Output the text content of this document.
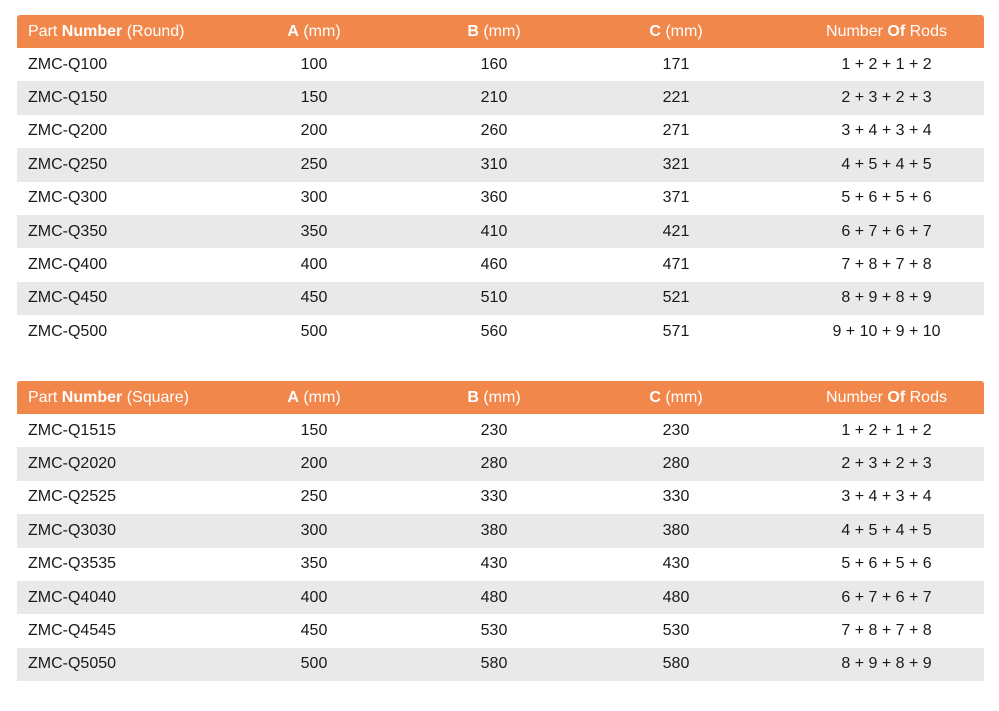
Part Number (Round)	A (mm)	B (mm)	C (mm)	Number Of Rods
ZMC-Q100	100	160	171	1 + 2 + 1 + 2
ZMC-Q150	150	210	221	2 + 3 + 2 + 3
ZMC-Q200	200	260	271	3 + 4 + 3 + 4
ZMC-Q250	250	310	321	4 + 5 + 4 + 5
ZMC-Q300	300	360	371	5 + 6 + 5 + 6
ZMC-Q350	350	410	421	6 + 7 + 6 + 7
ZMC-Q400	400	460	471	7 + 8 + 7 + 8
ZMC-Q450	450	510	521	8 + 9 + 8 + 9
ZMC-Q500	500	560	571	9 + 10 + 9 + 10
Part Number (Square)	A (mm)	B (mm)	C (mm)	Number Of Rods
ZMC-Q1515	150	230	230	1 + 2 + 1 + 2
ZMC-Q2020	200	280	280	2 + 3 + 2 + 3
ZMC-Q2525	250	330	330	3 + 4 + 3 + 4
ZMC-Q3030	300	380	380	4 + 5 + 4 + 5
ZMC-Q3535	350	430	430	5 + 6 + 5 + 6
ZMC-Q4040	400	480	480	6 + 7 + 6 + 7
ZMC-Q4545	450	530	530	7 + 8 + 7 + 8
ZMC-Q5050	500	580	580	8 + 9 + 8 + 9
